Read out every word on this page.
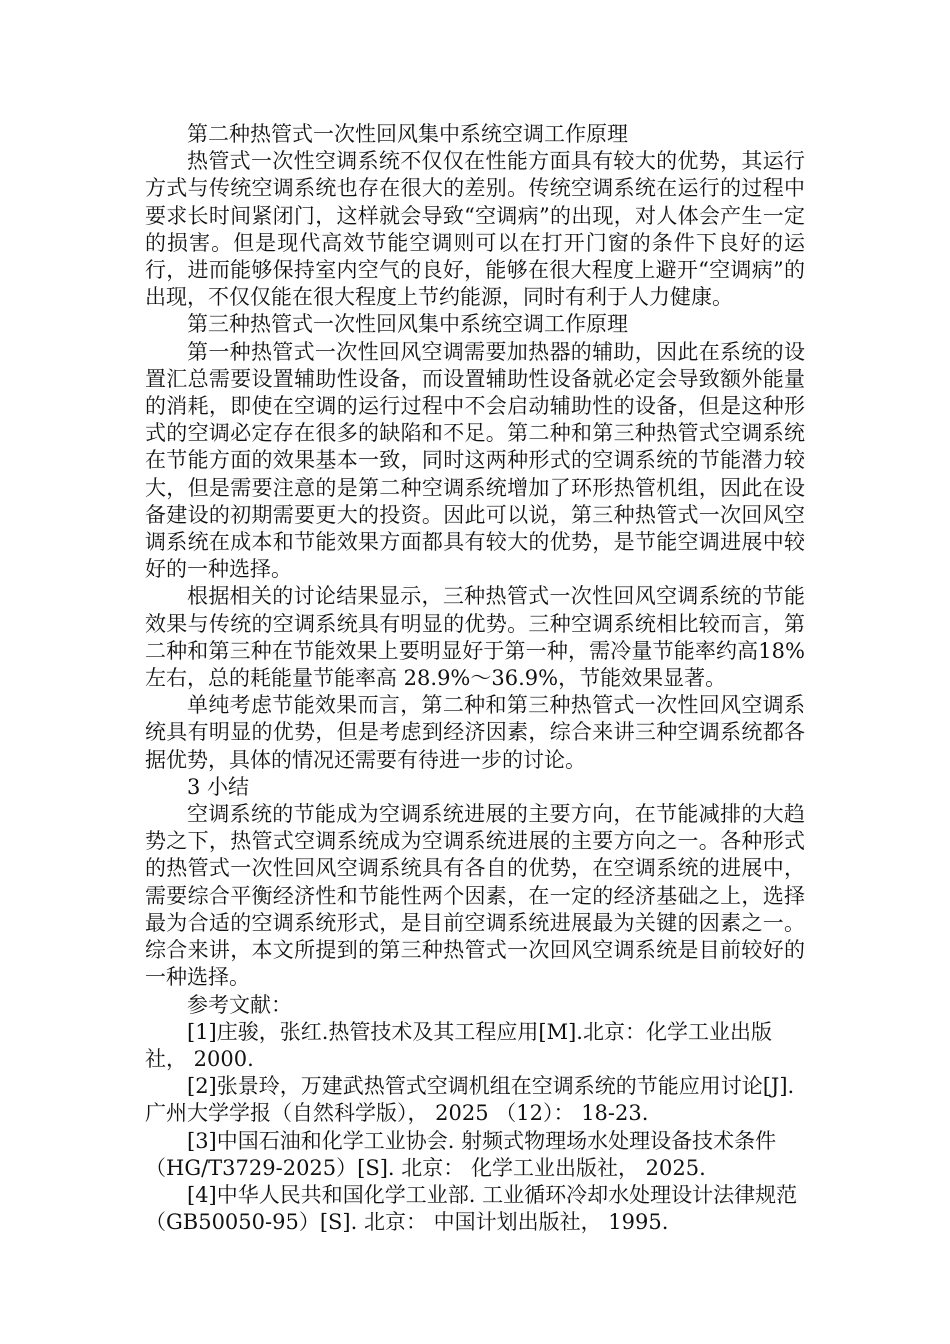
第二种热管式一次性回风集中系统空调工作原理

热管式一次性空调系统不仅仅在性能方面具有较大的优势，其运行方式与传统空调系统也存在很大的差别。传统空调系统在运行的过程中要求长时间紧闭门，这样就会导致“空调病”的出现，对人体会产生一定的损害。但是现代高效节能空调则可以在打开门窗的条件下良好的运行，进而能够保持室内空气的良好，能够在很大程度上避开“空调病”的出现，不仅仅能在很大程度上节约能源，同时有利于人力健康。

第三种热管式一次性回风集中系统空调工作原理

第一种热管式一次性回风空调需要加热器的辅助，因此在系统的设置汇总需要设置辅助性设备，而设置辅助性设备就必定会导致额外能量的消耗，即使在空调的运行过程中不会启动辅助性的设备，但是这种形式的空调必定存在很多的缺陷和不足。第二种和第三种热管式空调系统在节能方面的效果基本一致，同时这两种形式的空调系统的节能潜力较大，但是需要注意的是第二种空调系统增加了环形热管机组，因此在设备建设的初期需要更大的投资。因此可以说，第三种热管式一次回风空调系统在成本和节能效果方面都具有较大的优势，是节能空调进展中较好的一种选择。

根据相关的讨论结果显示，三种热管式一次性回风空调系统的节能效果与传统的空调系统具有明显的优势。三种空调系统相比较而言，第二种和第三种在节能效果上要明显好于第一种，需冷量节能率约高18%左右，总的耗能量节能率高 28.9%～36.9%，节能效果显著。

单纯考虑节能效果而言，第二种和第三种热管式一次性回风空调系统具有明显的优势，但是考虑到经济因素，综合来讲三种空调系统都各据优势，具体的情况还需要有待进一步的讨论。

3 小结

空调系统的节能成为空调系统进展的主要方向，在节能减排的大趋势之下，热管式空调系统成为空调系统进展的主要方向之一。各种形式的热管式一次性回风空调系统具有各自的优势，在空调系统的进展中，需要综合平衡经济性和节能性两个因素，在一定的经济基础之上，选择最为合适的空调系统形式，是目前空调系统进展最为关键的因素之一。综合来讲，本文所提到的第三种热管式一次回风空调系统是目前较好的一种选择。

参考文献：

[1]庄骏，张红.热管技术及其工程应用[M].北京：化学工业出版社， 2000.

[2]张景玲，万建武热管式空调机组在空调系统的节能应用讨论[J].广州大学学报（自然科学版）， 2025 （12）： 18-23.

[3]中国石油和化学工业协会. 射频式物理场水处理设备技术条件（HG/T3729-2025）[S]. 北京： 化学工业出版社， 2025.

[4]中华人民共和国化学工业部. 工业循环冷却水处理设计法律规范（GB50050-95）[S]. 北京： 中国计划出版社， 1995.
